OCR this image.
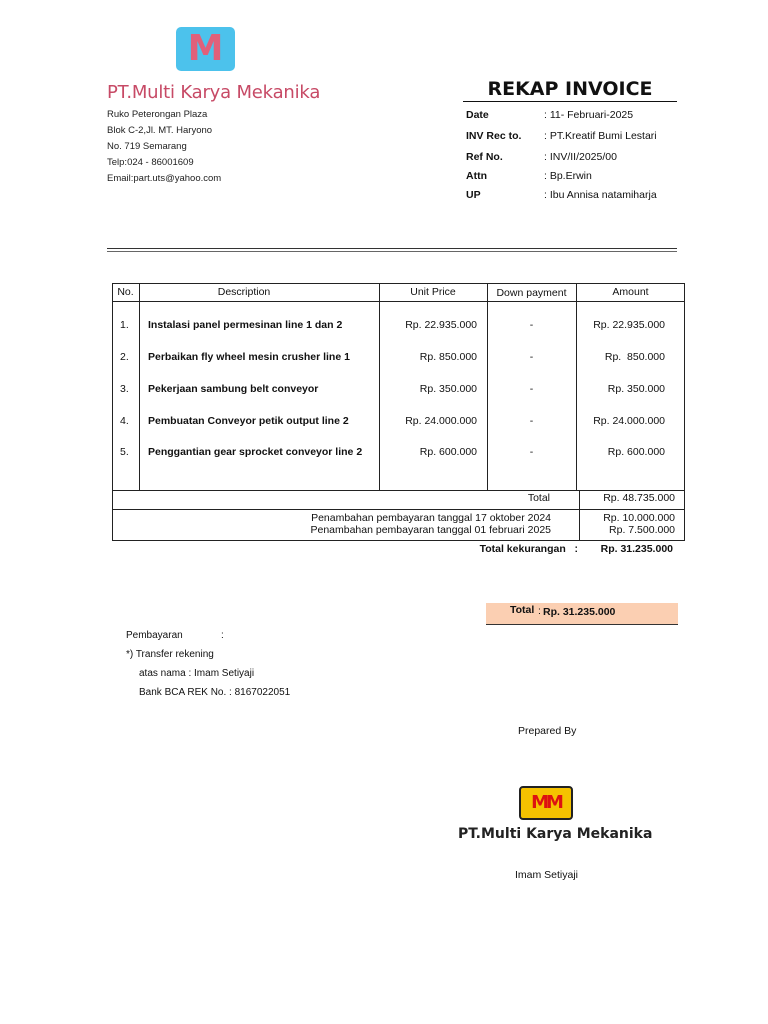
M
PT.Multi Karya Mekanika
Ruko Peterongan Plaza
Blok C-2,Jl. MT. Haryono
No. 719 Semarang
Telp:024 - 86001609
Email:part.uts@yahoo.com
REKAP INVOICE
Date	: 11- Februari-2025
INV Rec to. : PT.Kreatif Bumi Lestari
Ref No.	: INV/II/2025/00
Attn	: Bp.Erwin
UP	: Ibu Annisa natamiharja
No.	Description	Unit Price	Down payment	Amount
1. Instalasi panel permesinan line 1 dan 2	Rp. 22.935.000	-	Rp. 22.935.000
2. Perbaikan fly wheel mesin crusher line 1	Rp. 850.000	-	Rp.  850.000
3. Pekerjaan sambung belt conveyor	Rp. 350.000	-	Rp. 350.000
4. Pembuatan Conveyor petik output line 2	Rp. 24.000.000	-	Rp. 24.000.000
5. Penggantian gear sprocket conveyor line 2	Rp. 600.000	-	Rp. 600.000
Total	Rp. 48.735.000
Penambahan pembayaran tanggal 17 oktober 2024	Rp. 10.000.000
Penambahan pembayaran tanggal 01 februari 2025	Rp. 7.500.000
Total kekurangan   :	Rp. 31.235.000
Total : Rp. 31.235.000
Pembayaran	:
*) Transfer rekening
atas nama : Imam Setiyaji
Bank BCA REK No. : 8167022051
Prepared By
MM
PT.Multi Karya Mekanika
Imam Setiyaji
